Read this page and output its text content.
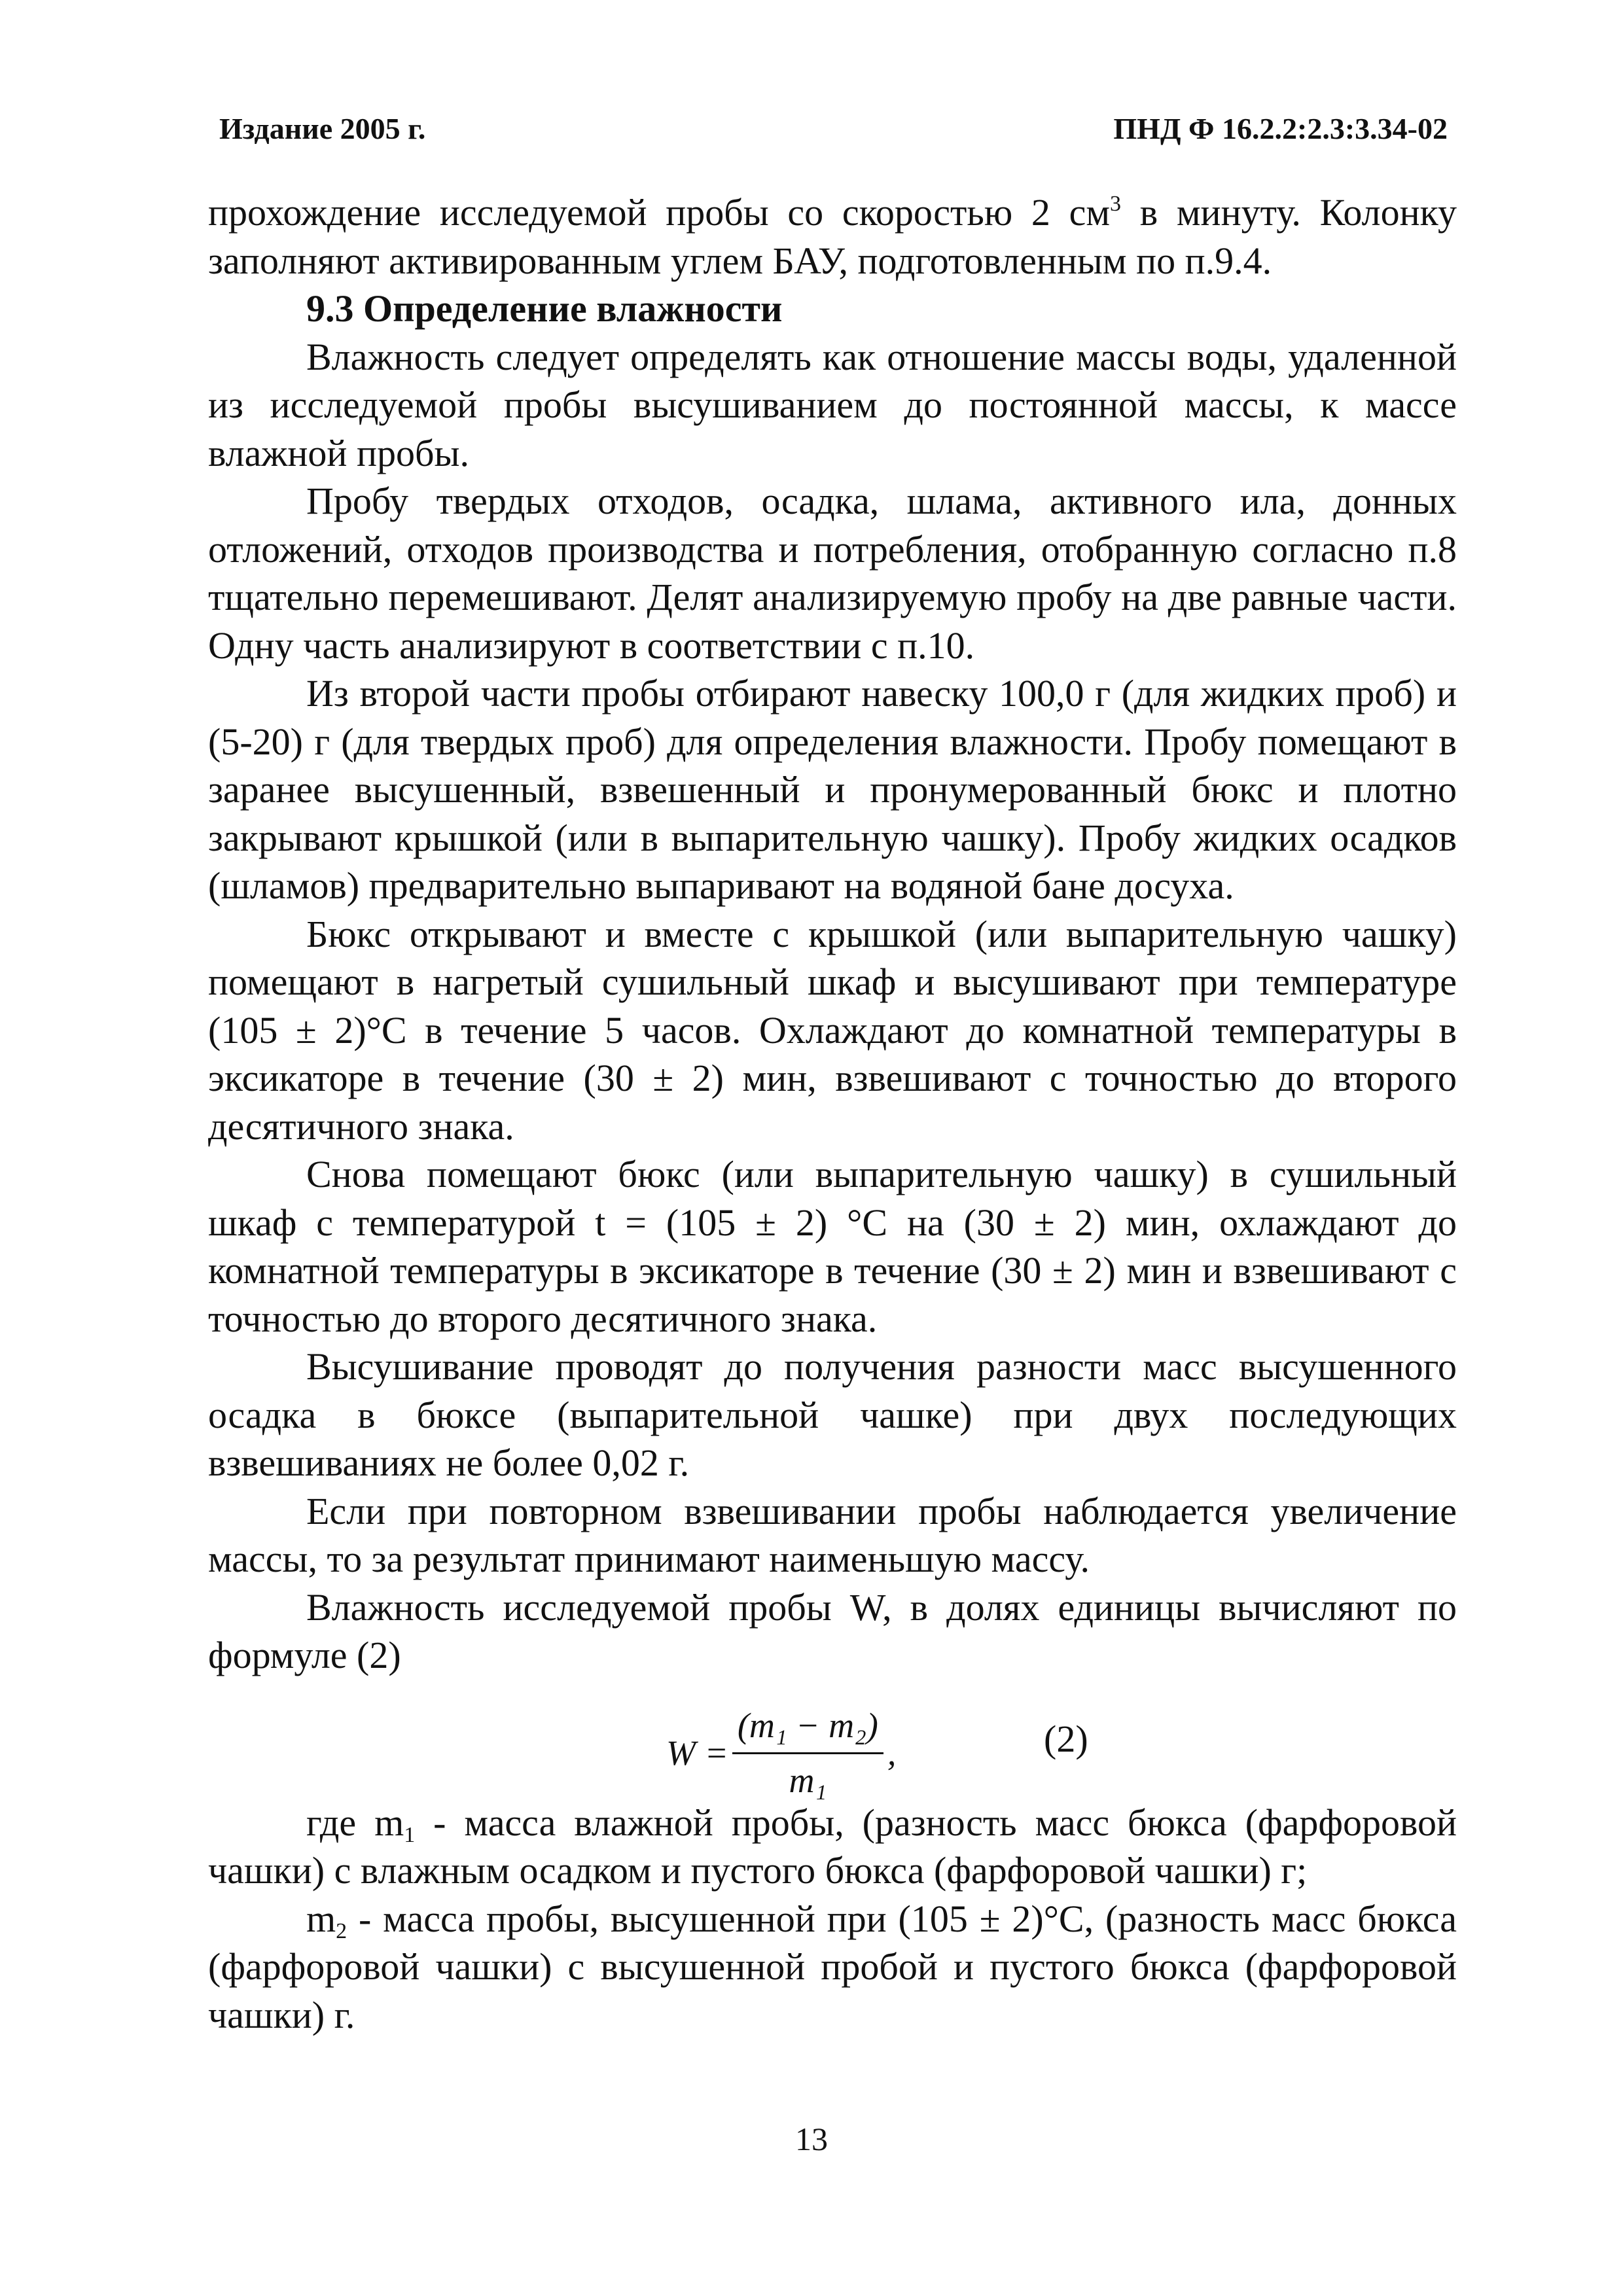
Издание 2005 г.	ПНД Ф 16.2.2:2.3:3.34-02

прохождение исследуемой пробы со скоростью 2 $см^3$ в минуту. Колонку заполняют активированным углем БАУ, подготовленным по п.9.4.

9.3 Определение влажности

Влажность следует определять как отношение массы воды, удаленной из исследуемой пробы высушиванием до постоянной массы, к массе влажной пробы.

Пробу твердых отходов, осадка, шлама, активного ила, донных отложений, отходов производства и потребления, отобранную согласно п.8 тщательно перемешивают. Делят анализируемую пробу на две равные части. Одну часть анализируют в соответствии с п.10.

Из второй части пробы отбирают навеску 100,0 г (для жидких проб) и (5-20) г (для твердых проб) для определения влажности. Пробу помещают в заранее высушенный, взвешенный и пронумерованный бюкс и плотно закрывают крышкой (или в выпарительную чашку). Пробу жидких осадков (шламов) предварительно выпаривают на водяной бане досуха.

Бюкс открывают и вместе с крышкой (или выпарительную чашку) помещают в нагретый сушильный шкаф и высушивают при температуре (105 ± 2)°С в течение 5 часов. Охлаждают до комнатной температуры в эксикаторе в течение (30 ± 2) мин, взвешивают с точностью до второго десятичного знака.

Снова помещают бюкс (или выпарительную чашку) в сушильный шкаф с температурой t = (105 ± 2) °С на (30 ± 2) мин, охлаждают до комнатной температуры в эксикаторе в течение (30 ± 2) мин и взвешивают с точностью до второго десятичного знака.

Высушивание проводят до получения разности масс высушенного осадка в бюксе (выпарительной чашке) при двух последующих взвешиваниях не более 0,02 г.

Если при повторном взвешивании пробы наблюдается увеличение массы, то за результат принимают наименьшую массу.

Влажность исследуемой пробы W, в долях единицы вычисляют по формуле (2)

$W = \frac{\text{(m₁ − m₂)}}{\text{m₁}}$ ,	(2)

где $m_1$ - масса влажной пробы, (разность масс бюкса (фарфоровой чашки) с влажным осадком и пустого бюкса (фарфоровой чашки) г;

$m_2$ - масса пробы, высушенной при (105 ± 2)°С, (разность масс бюкса (фарфоровой чашки) с высушенной пробой и пустого бюкса (фарфоровой чашки) г.

13
